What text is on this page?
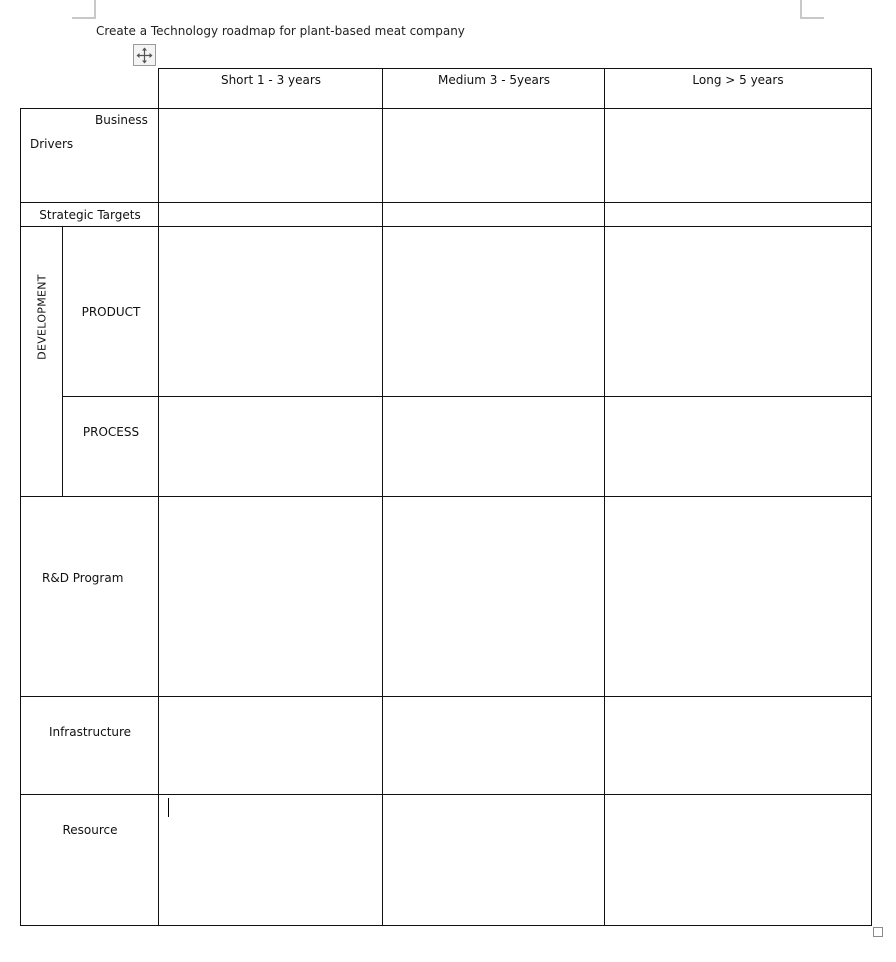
Create a Technology roadmap for plant-based meat company
Short 1 - 3 years	Medium 3 - 5years	Long > 5 years
Business
Drivers
Strategic Targets
DEVELOPMENT	PRODUCT
PROCESS
R&D Program
Infrastructure
Resource
